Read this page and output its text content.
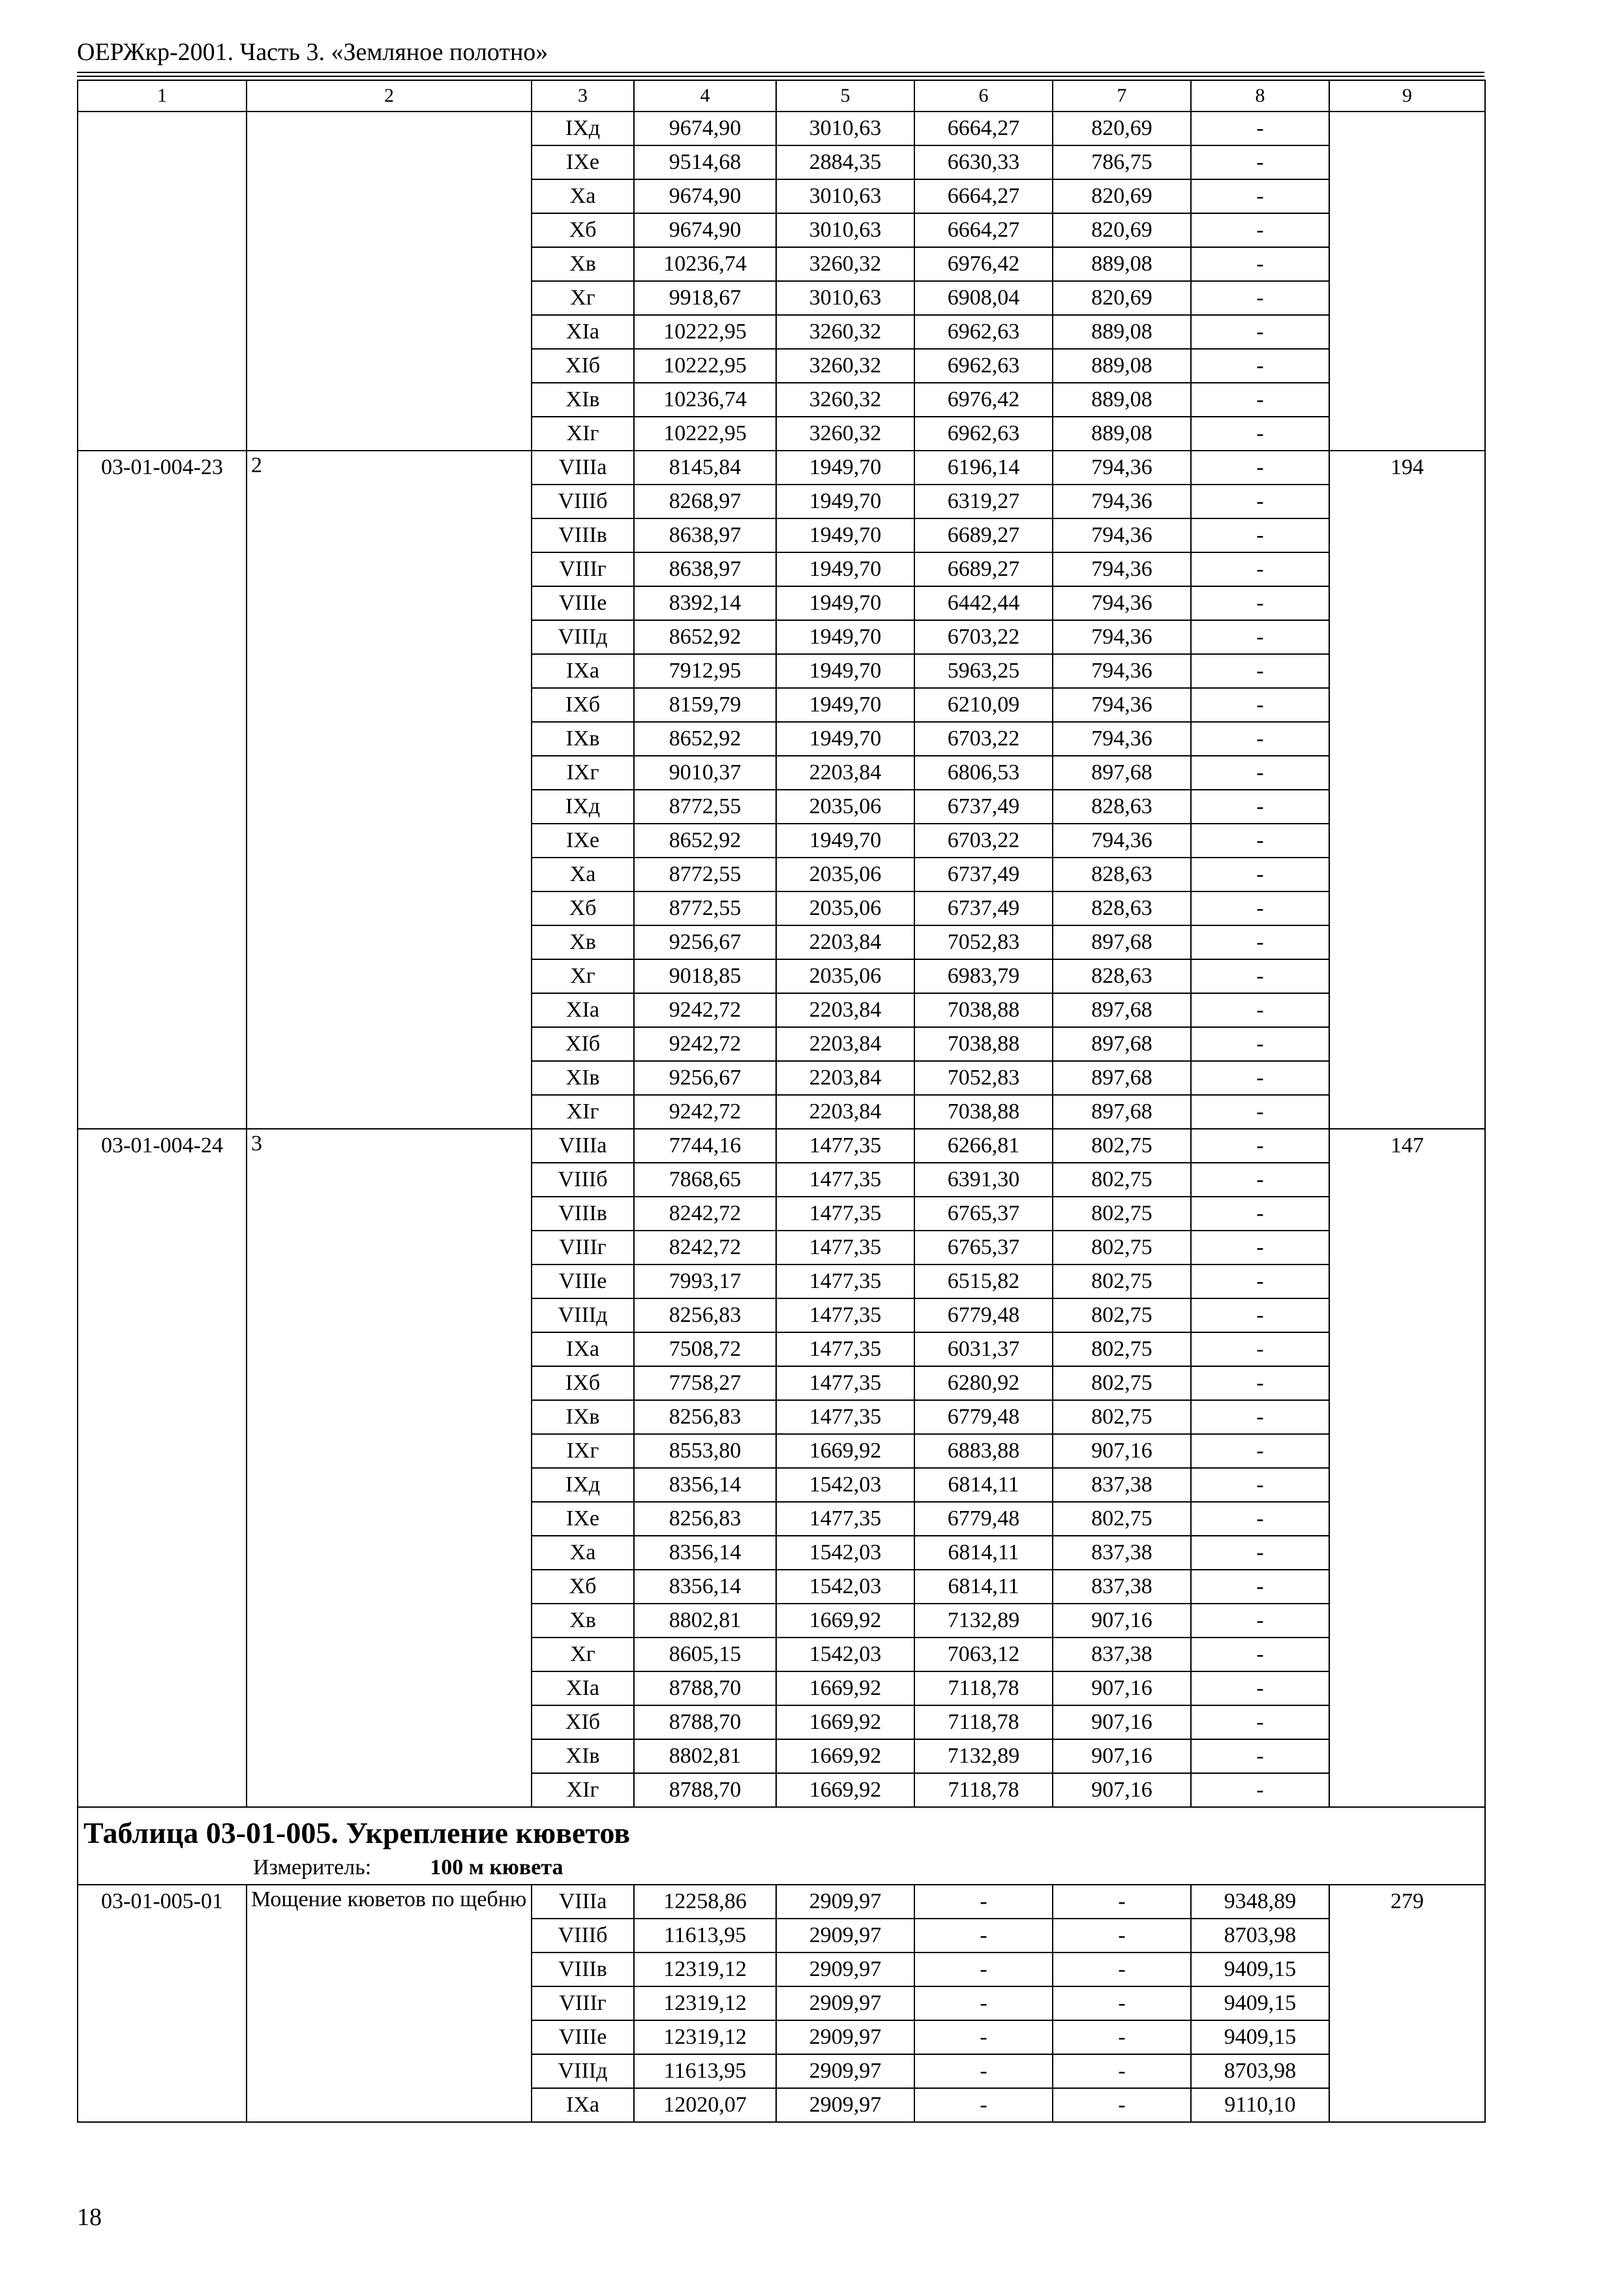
ОЕРЖкр-2001. Часть 3. «Земляное полотно»
1	2	3	4	5	6	7	8	9
		IXд	9674,90	3010,63	6664,27	820,69	-	
		IXе	9514,68	2884,35	6630,33	786,75	-	
		Xа	9674,90	3010,63	6664,27	820,69	-	
		Xб	9674,90	3010,63	6664,27	820,69	-	
		Xв	10236,74	3260,32	6976,42	889,08	-	
		Xг	9918,67	3010,63	6908,04	820,69	-	
		XIа	10222,95	3260,32	6962,63	889,08	-	
		XIб	10222,95	3260,32	6962,63	889,08	-	
		XIв	10236,74	3260,32	6976,42	889,08	-	
		XIг	10222,95	3260,32	6962,63	889,08	-	
03-01-004-23	2	VIIIа	8145,84	1949,70	6196,14	794,36	-	194
		VIIIб	8268,97	1949,70	6319,27	794,36	-	
		VIIIв	8638,97	1949,70	6689,27	794,36	-	
		VIIIг	8638,97	1949,70	6689,27	794,36	-	
		VIIIе	8392,14	1949,70	6442,44	794,36	-	
		VIIIд	8652,92	1949,70	6703,22	794,36	-	
		IXа	7912,95	1949,70	5963,25	794,36	-	
		IXб	8159,79	1949,70	6210,09	794,36	-	
		IXв	8652,92	1949,70	6703,22	794,36	-	
		IXг	9010,37	2203,84	6806,53	897,68	-	
		IXд	8772,55	2035,06	6737,49	828,63	-	
		IXе	8652,92	1949,70	6703,22	794,36	-	
		Xа	8772,55	2035,06	6737,49	828,63	-	
		Xб	8772,55	2035,06	6737,49	828,63	-	
		Xв	9256,67	2203,84	7052,83	897,68	-	
		Xг	9018,85	2035,06	6983,79	828,63	-	
		XIа	9242,72	2203,84	7038,88	897,68	-	
		XIб	9242,72	2203,84	7038,88	897,68	-	
		XIв	9256,67	2203,84	7052,83	897,68	-	
		XIг	9242,72	2203,84	7038,88	897,68	-	
03-01-004-24	3	VIIIа	7744,16	1477,35	6266,81	802,75	-	147
		VIIIб	7868,65	1477,35	6391,30	802,75	-	
		VIIIв	8242,72	1477,35	6765,37	802,75	-	
		VIIIг	8242,72	1477,35	6765,37	802,75	-	
		VIIIе	7993,17	1477,35	6515,82	802,75	-	
		VIIIд	8256,83	1477,35	6779,48	802,75	-	
		IXа	7508,72	1477,35	6031,37	802,75	-	
		IXб	7758,27	1477,35	6280,92	802,75	-	
		IXв	8256,83	1477,35	6779,48	802,75	-	
		IXг	8553,80	1669,92	6883,88	907,16	-	
		IXд	8356,14	1542,03	6814,11	837,38	-	
		IXе	8256,83	1477,35	6779,48	802,75	-	
		Xа	8356,14	1542,03	6814,11	837,38	-	
		Xб	8356,14	1542,03	6814,11	837,38	-	
		Xв	8802,81	1669,92	7132,89	907,16	-	
		Xг	8605,15	1542,03	7063,12	837,38	-	
		XIа	8788,70	1669,92	7118,78	907,16	-	
		XIб	8788,70	1669,92	7118,78	907,16	-	
		XIв	8802,81	1669,92	7132,89	907,16	-	
		XIг	8788,70	1669,92	7118,78	907,16	-	

Таблица 03-01-005. Укрепление кюветов
Измеритель: 100 м кювета								

03-01-005-01	Мощение кюветов по щебню	VIIIа	12258,86	2909,97	-	-	9348,89	279
		VIIIб	11613,95	2909,97	-	-	8703,98	
		VIIIв	12319,12	2909,97	-	-	9409,15	
		VIIIг	12319,12	2909,97	-	-	9409,15	
		VIIIе	12319,12	2909,97	-	-	9409,15	
		VIIIд	11613,95	2909,97	-	-	8703,98	
		IXа	12020,07	2909,97	-	-	9110,10	
18
